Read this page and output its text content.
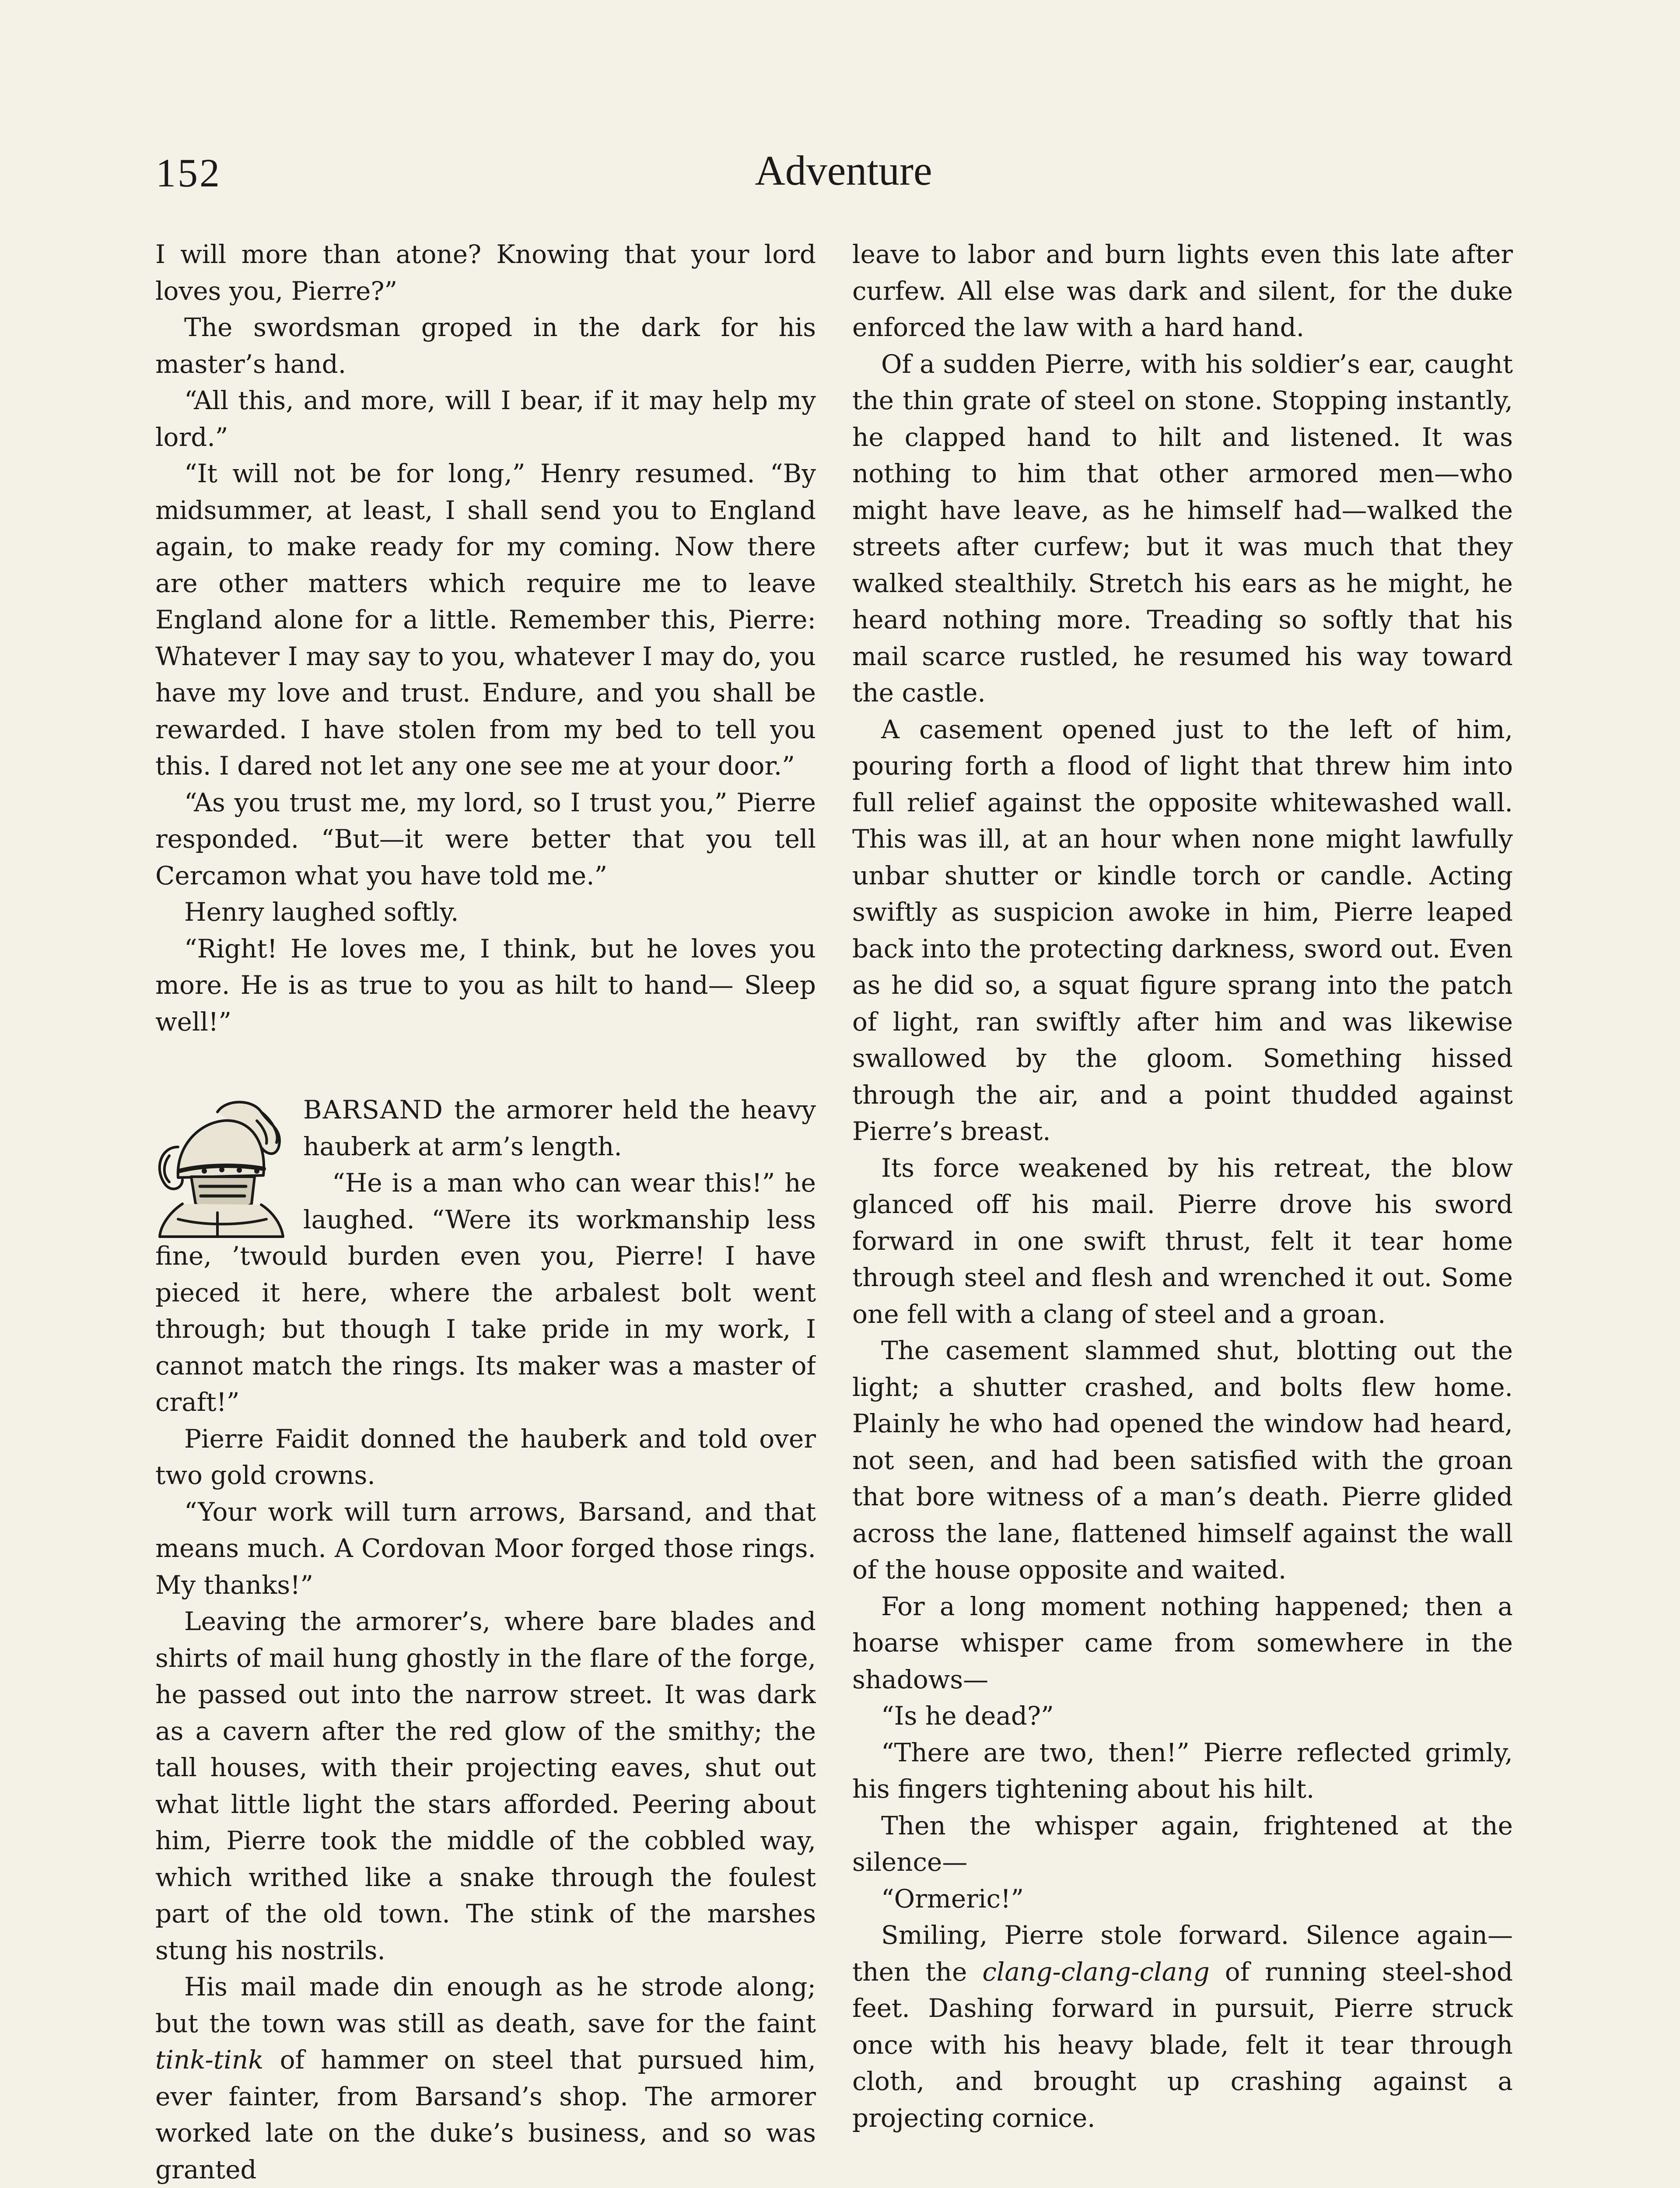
152	Adventure

I will more than atone? Knowing that your lord loves you, Pierre?”

The swordsman groped in the dark for his master’s hand.

“All this, and more, will I bear, if it may help my lord.”

“It will not be for long,” Henry resumed. “By midsummer, at least, I shall send you to England again, to make ready for my coming. Now there are other matters which require me to leave England alone for a little. Remember this, Pierre: Whatever I may say to you, whatever I may do, you have my love and trust. Endure, and you shall be rewarded. I have stolen from my bed to tell you this. I dared not let any one see me at your door.”

“As you trust me, my lord, so I trust you,” Pierre responded. “But—it were better that you tell Cercamon what you have told me.”

Henry laughed softly.

“Right! He loves me, I think, but he loves you more. He is as true to you as hilt to hand— Sleep well!”

BARSAND the armorer held the heavy hauberk at arm’s length.

“He is a man who can wear this!” he laughed. “Were its workmanship less fine, ’twould burden even you, Pierre! I have pieced it here, where the arbalest bolt went through; but though I take pride in my work, I cannot match the rings. Its maker was a master of craft!”

Pierre Faidit donned the hauberk and told over two gold crowns.

“Your work will turn arrows, Barsand, and that means much. A Cordovan Moor forged those rings. My thanks!”

Leaving the armorer’s, where bare blades and shirts of mail hung ghostly in the flare of the forge, he passed out into the narrow street. It was dark as a cavern after the red glow of the smithy; the tall houses, with their projecting eaves, shut out what little light the stars afforded. Peering about him, Pierre took the middle of the cobbled way, which writhed like a snake through the foulest part of the old town. The stink of the marshes stung his nostrils.

His mail made din enough as he strode along; but the town was still as death, save for the faint tink-tink of hammer on steel that pursued him, ever fainter, from Barsand’s shop. The armorer worked late on the duke’s business, and so was granted

leave to labor and burn lights even this late after curfew. All else was dark and silent, for the duke enforced the law with a hard hand.

Of a sudden Pierre, with his soldier’s ear, caught the thin grate of steel on stone. Stopping instantly, he clapped hand to hilt and listened. It was nothing to him that other armored men—who might have leave, as he himself had—walked the streets after curfew; but it was much that they walked stealthily. Stretch his ears as he might, he heard nothing more. Treading so softly that his mail scarce rustled, he resumed his way toward the castle.

A casement opened just to the left of him, pouring forth a flood of light that threw him into full relief against the opposite whitewashed wall. This was ill, at an hour when none might lawfully unbar shutter or kindle torch or candle. Acting swiftly as suspicion awoke in him, Pierre leaped back into the protecting darkness, sword out. Even as he did so, a squat figure sprang into the patch of light, ran swiftly after him and was likewise swallowed by the gloom. Something hissed through the air, and a point thudded against Pierre’s breast.

Its force weakened by his retreat, the blow glanced off his mail. Pierre drove his sword forward in one swift thrust, felt it tear home through steel and flesh and wrenched it out. Some one fell with a clang of steel and a groan.

The casement slammed shut, blotting out the light; a shutter crashed, and bolts flew home. Plainly he who had opened the window had heard, not seen, and had been satisfied with the groan that bore witness of a man’s death. Pierre glided across the lane, flattened himself against the wall of the house opposite and waited.

For a long moment nothing happened; then a hoarse whisper came from somewhere in the shadows—

“Is he dead?”

“There are two, then!” Pierre reflected grimly, his fingers tightening about his hilt.

Then the whisper again, frightened at the silence—

“Ormeric!”

Smiling, Pierre stole forward. Silence again—then the clang-clang-clang of running steel-shod feet. Dashing forward in pursuit, Pierre struck once with his heavy blade, felt it tear through cloth, and brought up crashing against a projecting cornice.
